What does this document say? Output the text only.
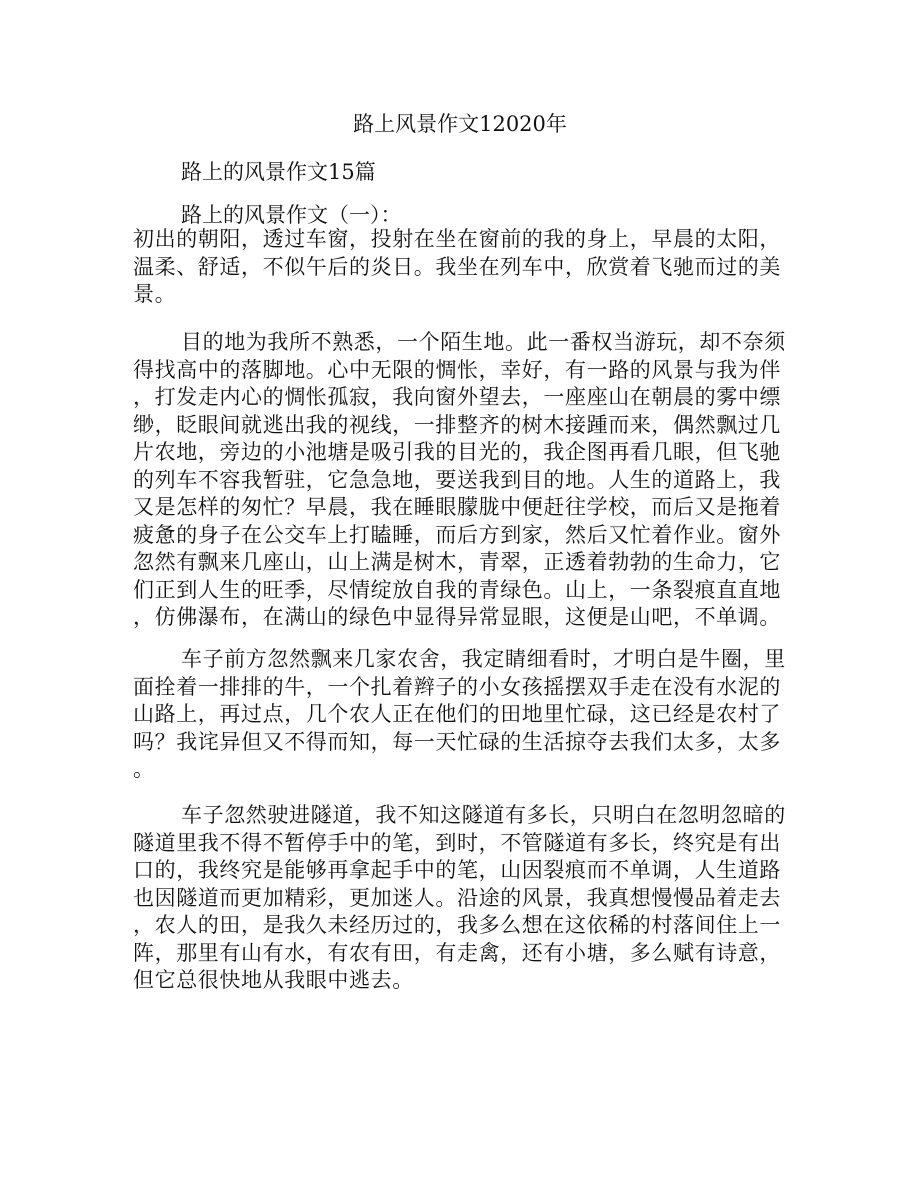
路上风景作文12020年
路上的风景作文15篇
路上的风景作文（一）：
初出的朝阳，透过车窗，投射在坐在窗前的我的身上，早晨的太阳，
温柔、舒适，不似午后的炎日。我坐在列车中，欣赏着飞驰而过的美
景。
目的地为我所不熟悉，一个陌生地。此一番权当游玩，却不奈须
得找高中的落脚地。心中无限的惆怅，幸好，有一路的风景与我为伴
，打发走内心的惆怅孤寂，我向窗外望去，一座座山在朝晨的雾中缥
缈，眨眼间就逃出我的视线，一排整齐的树木接踵而来，偶然飘过几
片农地，旁边的小池塘是吸引我的目光的，我企图再看几眼，但飞驰
的列车不容我暂驻，它急急地，要送我到目的地。人生的道路上，我
又是怎样的匆忙？早晨，我在睡眼朦胧中便赶往学校，而后又是拖着
疲惫的身子在公交车上打瞌睡，而后方到家，然后又忙着作业。窗外
忽然有飘来几座山，山上满是树木，青翠，正透着勃勃的生命力，它
们正到人生的旺季，尽情绽放自我的青绿色。山上，一条裂痕直直地
，仿佛瀑布，在满山的绿色中显得异常显眼，这便是山吧，不单调。
车子前方忽然飘来几家农舍，我定睛细看时，才明白是牛圈，里
面拴着一排排的牛，一个扎着辫子的小女孩摇摆双手走在没有水泥的
山路上，再过点，几个农人正在他们的田地里忙碌，这已经是农村了
吗？我诧异但又不得而知，每一天忙碌的生活掠夺去我们太多，太多
。
车子忽然驶进隧道，我不知这隧道有多长，只明白在忽明忽暗的
隧道里我不得不暂停手中的笔，到时，不管隧道有多长，终究是有出
口的，我终究是能够再拿起手中的笔，山因裂痕而不单调，人生道路
也因隧道而更加精彩，更加迷人。沿途的风景，我真想慢慢品着走去
，农人的田，是我久未经历过的，我多么想在这依稀的村落间住上一
阵，那里有山有水，有农有田，有走禽，还有小塘，多么赋有诗意，
但它总很快地从我眼中逃去。
